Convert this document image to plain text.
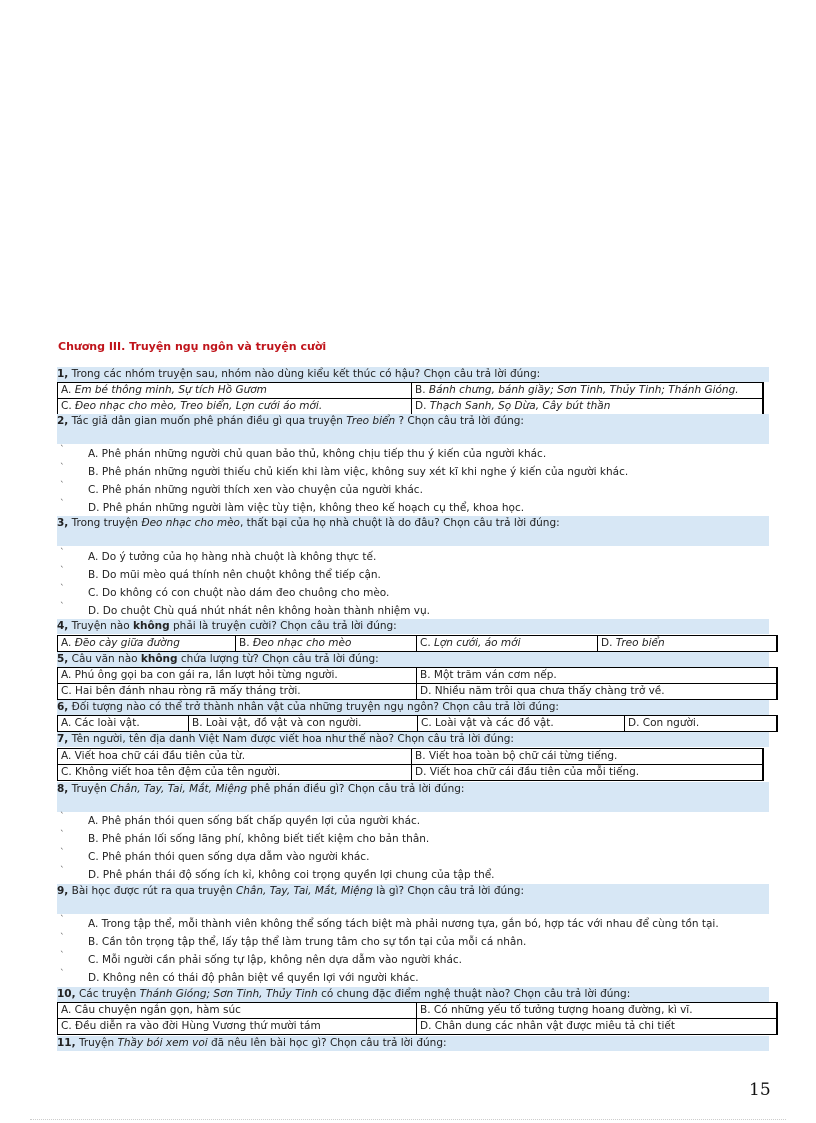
Chương III. Truyện ngụ ngôn và truyện cười
1, Trong các nhóm truyện sau, nhóm nào dùng kiểu kết thúc có hậu? Chọn câu trả lời đúng:
A. Em bé thông minh, Sự tích Hồ Gươm	B. Bánh chưng, bánh giầy; Sơn Tinh, Thủy Tinh; Thánh Gióng.
C. Đeo nhạc cho mèo, Treo biển, Lợn cưới áo mới.	D. Thạch Sanh, Sọ Dừa, Cây bút thần
2, Tác giả dân gian muốn phê phán điều gì qua truyện Treo biển ? Chọn câu trả lời đúng:
` A. Phê phán những người chủ quan bảo thủ, không chịu tiếp thu ý kiến của người khác.
` B. Phê phán những người thiếu chủ kiến khi làm việc, không suy xét kĩ khi nghe ý kiến của người khác.
` C. Phê phán những người thích xen vào chuyện của người khác.
` D. Phê phán những người làm việc tùy tiện, không theo kế hoạch cụ thể, khoa học.
3, Trong truyện Đeo nhạc cho mèo, thất bại của họ nhà chuột là do đâu? Chọn câu trả lời đúng:
` A. Do ý tưởng của họ hàng nhà chuột là không thực tế.
` B. Do mũi mèo quá thính nên chuột không thể tiếp cận.
` C. Do không có con chuột nào dám đeo chuông cho mèo.
` D. Do chuột Chù quá nhút nhát nên không hoàn thành nhiệm vụ.
4, Truyện nào không phải là truyện cười? Chọn câu trả lời đúng:
A. Đẽo cày giữa đường	B. Đeo nhạc cho mèo	C. Lợn cưới, áo mới	D. Treo biển
5, Câu văn nào không chứa lượng từ? Chọn câu trả lời đúng:
A. Phú ông gọi ba con gái ra, lần lượt hỏi từng người.	B. Một trăm ván cơm nếp.
C. Hai bên đánh nhau ròng rã mấy tháng trời.	D. Nhiều năm trôi qua chưa thấy chàng trở về.
6, Đối tượng nào có thể trở thành nhân vật của những truyện ngụ ngôn? Chọn câu trả lời đúng:
A. Các loài vật.	B. Loài vật, đồ vật và con người.	C. Loài vật và các đồ vật.	D. Con người.
7, Tên người, tên địa danh Việt Nam được viết hoa như thế nào? Chọn câu trả lời đúng:
A. Viết hoa chữ cái đầu tiên của từ.	B. Viết hoa toàn bộ chữ cái từng tiếng.
C. Không viết hoa tên đệm của tên người.	D. Viết hoa chữ cái đầu tiên của mỗi tiếng.
8, Truyện Chân, Tay, Tai, Mắt, Miệng phê phán điều gì? Chọn câu trả lời đúng:
` A. Phê phán thói quen sống bất chấp quyền lợi của người khác.
` B. Phê phán lối sống lãng phí, không biết tiết kiệm cho bản thân.
` C. Phê phán thói quen sống dựa dẫm vào người khác.
` D. Phê phán thái độ sống ích kỉ, không coi trọng quyền lợi chung của tập thể.
9, Bài học được rút ra qua truyện Chân, Tay, Tai, Mắt, Miệng là gì? Chọn câu trả lời đúng:
` A. Trong tập thể, mỗi thành viên không thể sống tách biệt mà phải nương tựa, gắn bó, hợp tác với nhau để cùng tồn tại.
` B. Cần tôn trọng tập thể, lấy tập thể làm trung tâm cho sự tồn tại của mỗi cá nhân.
` C. Mỗi người cần phải sống tự lập, không nên dựa dẫm vào người khác.
` D. Không nên có thái độ phân biệt về quyền lợi với người khác.
10, Các truyện Thánh Gióng; Sơn Tinh, Thủy Tinh có chung đặc điểm nghệ thuật nào? Chọn câu trả lời đúng:
A. Câu chuyện ngắn gọn, hàm súc	B. Có những yếu tố tưởng tượng hoang đường, kì vĩ.
C. Đều diễn ra vào đời Hùng Vương thứ mười tám	D. Chân dung các nhân vật được miêu tả chi tiết
11, Truyện Thầy bói xem voi đã nêu lên bài học gì? Chọn câu trả lời đúng:
15
